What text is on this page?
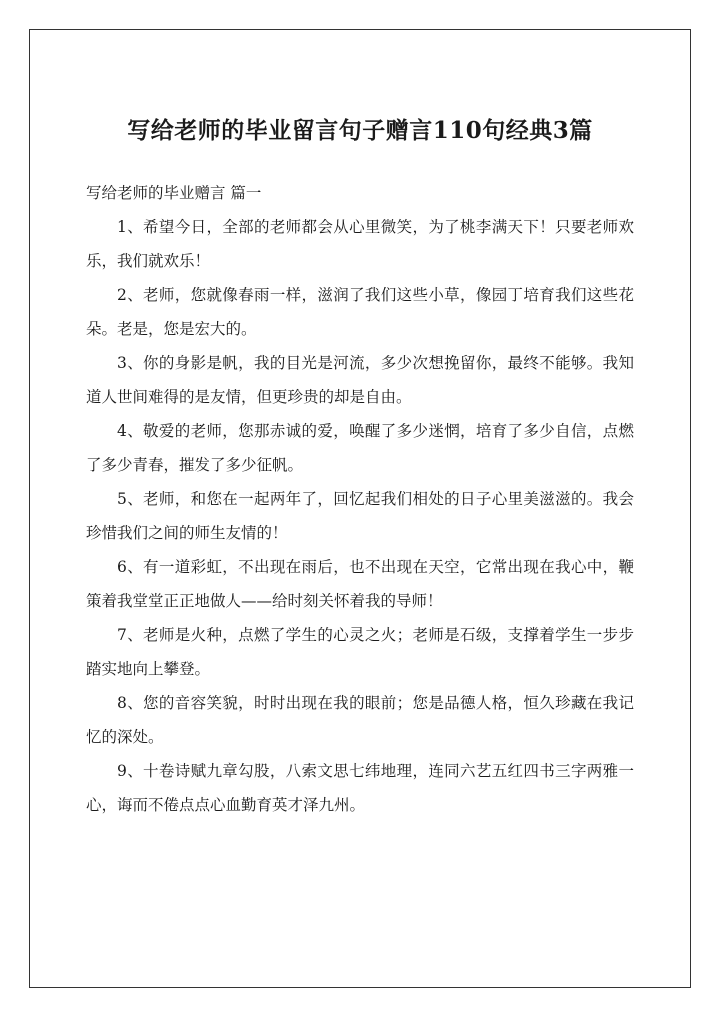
写给老师的毕业留言句子赠言110句经典3篇

写给老师的毕业赠言 篇一

1、希望今日，全部的老师都会从心里微笑，为了桃李满天下！只要老师欢乐，我们就欢乐！

2、老师，您就像春雨一样，滋润了我们这些小草，像园丁培育我们这些花朵。老是，您是宏大的。

3、你的身影是帆，我的目光是河流，多少次想挽留你，最终不能够。我知道人世间难得的是友情，但更珍贵的却是自由。

4、敬爱的老师，您那赤诚的爱，唤醒了多少迷惘，培育了多少自信，点燃了多少青春，摧发了多少征帆。

5、老师，和您在一起两年了，回忆起我们相处的日子心里美滋滋的。我会珍惜我们之间的师生友情的！

6、有一道彩虹，不出现在雨后，也不出现在天空，它常出现在我心中，鞭策着我堂堂正正地做人——给时刻关怀着我的导师！

7、老师是火种，点燃了学生的心灵之火；老师是石级，支撑着学生一步步踏实地向上攀登。

8、您的音容笑貌，时时出现在我的眼前；您是品德人格，恒久珍藏在我记忆的深处。

9、十卷诗赋九章勾股，八索文思七纬地理，连同六艺五红四书三字两雅一心，诲而不倦点点心血勤育英才泽九州。
